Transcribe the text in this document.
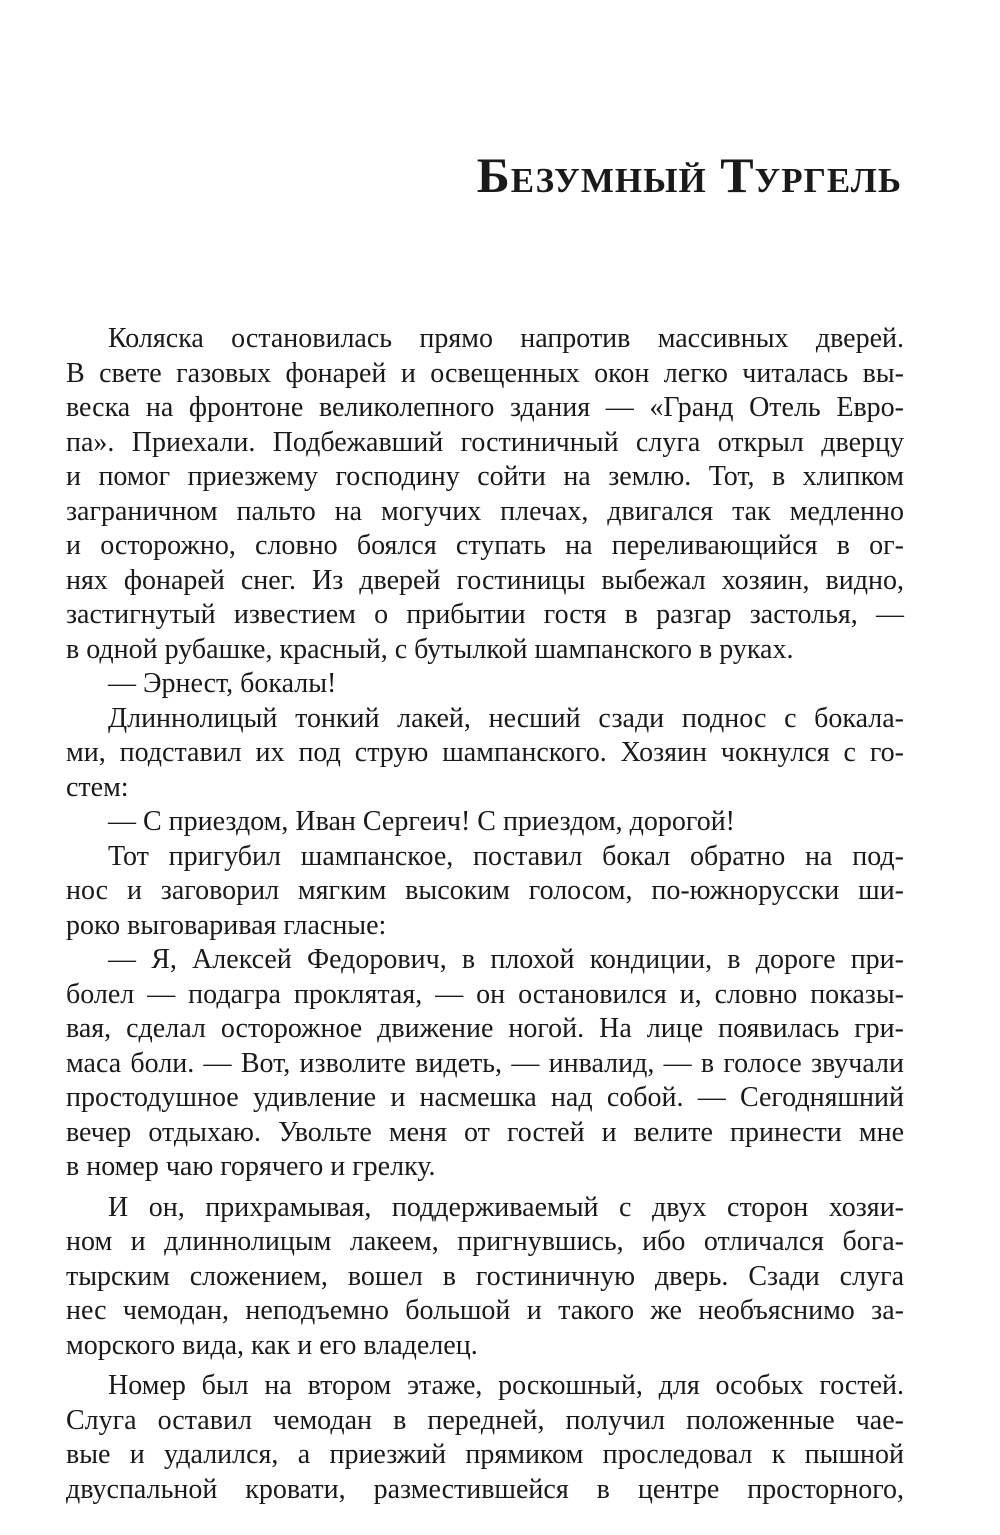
Безумный Тургель
Коляска остановилась прямо напротив массивных дверей.
В свете газовых фонарей и освещенных окон легко читалась вы-
веска на фронтоне великолепного здания — «Гранд Отель Евро-
па». Приехали. Подбежавший гостиничный слуга открыл дверцу
и помог приезжему господину сойти на землю. Тот, в хлипком
заграничном пальто на могучих плечах, двигался так медленно
и осторожно, словно боялся ступать на переливающийся в ог-
нях фонарей снег. Из дверей гостиницы выбежал хозяин, видно,
застигнутый известием о прибытии гостя в разгар застолья, —
в одной рубашке, красный, с бутылкой шампанского в руках.
— Эрнест, бокалы!
Длиннолицый тонкий лакей, несший сзади поднос с бокала-
ми, подставил их под струю шампанского. Хозяин чокнулся с го-
стем:
— С приездом, Иван Сергеич! С приездом, дорогой!
Тот пригубил шампанское, поставил бокал обратно на под-
нос и заговорил мягким высоким голосом, по-южнорусски ши-
роко выговаривая гласные:
— Я, Алексей Федорович, в плохой кондиции, в дороге при-
болел — подагра проклятая, — он остановился и, словно показы-
вая, сделал осторожное движение ногой. На лице появилась гри-
маса боли. — Вот, изволите видеть, — инвалид, — в голосе звучали
простодушное удивление и насмешка над собой. — Сегодняшний
вечер отдыхаю. Увольте меня от гостей и велите принести мне
в номер чаю горячего и грелку.
И он, прихрамывая, поддерживаемый с двух сторон хозяи-
ном и длиннолицым лакеем, пригнувшись, ибо отличался бога-
тырским сложением, вошел в гостиничную дверь. Сзади слуга
нес чемодан, неподъемно большой и такого же необъяснимо за-
морского вида, как и его владелец.
Номер был на втором этаже, роскошный, для особых гостей.
Слуга оставил чемодан в передней, получил положенные чае-
вые и удалился, а приезжий прямиком проследовал к пышной
двуспальной кровати, разместившейся в центре просторного,
